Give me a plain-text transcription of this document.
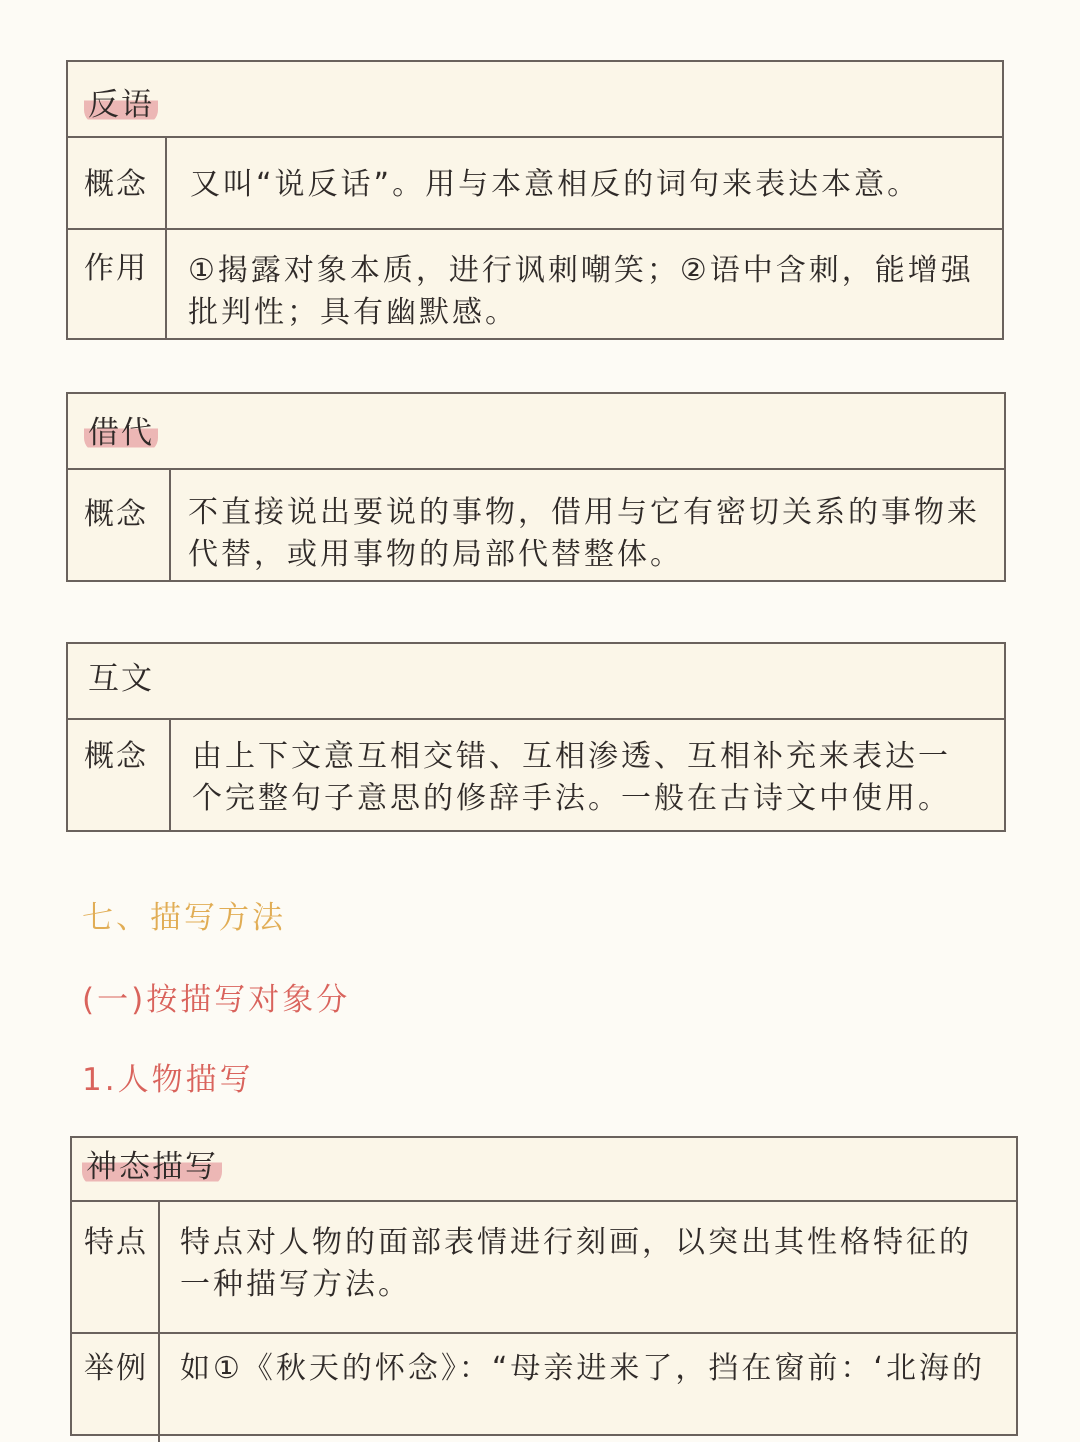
反语
概念 又叫“说反话”。用与本意相反的词句来表达本意。
作用 ①揭露对象本质，进行讽刺嘲笑；②语中含刺，能增强
批判性；具有幽默感。
借代
概念 不直接说出要说的事物，借用与它有密切关系的事物来
代替，或用事物的局部代替整体。
互文
概念 由上下文意互相交错、互相渗透、互相补充来表达一
个完整句子意思的修辞手法。一般在古诗文中使用。
七、描写方法
(一)按描写对象分
1.人物描写
神态描写
特点 特点对人物的面部表情进行刻画，以突出其性格特征的
一种描写方法。
举例 如①《秋天的怀念》：“母亲进来了，挡在窗前：‘北海的
